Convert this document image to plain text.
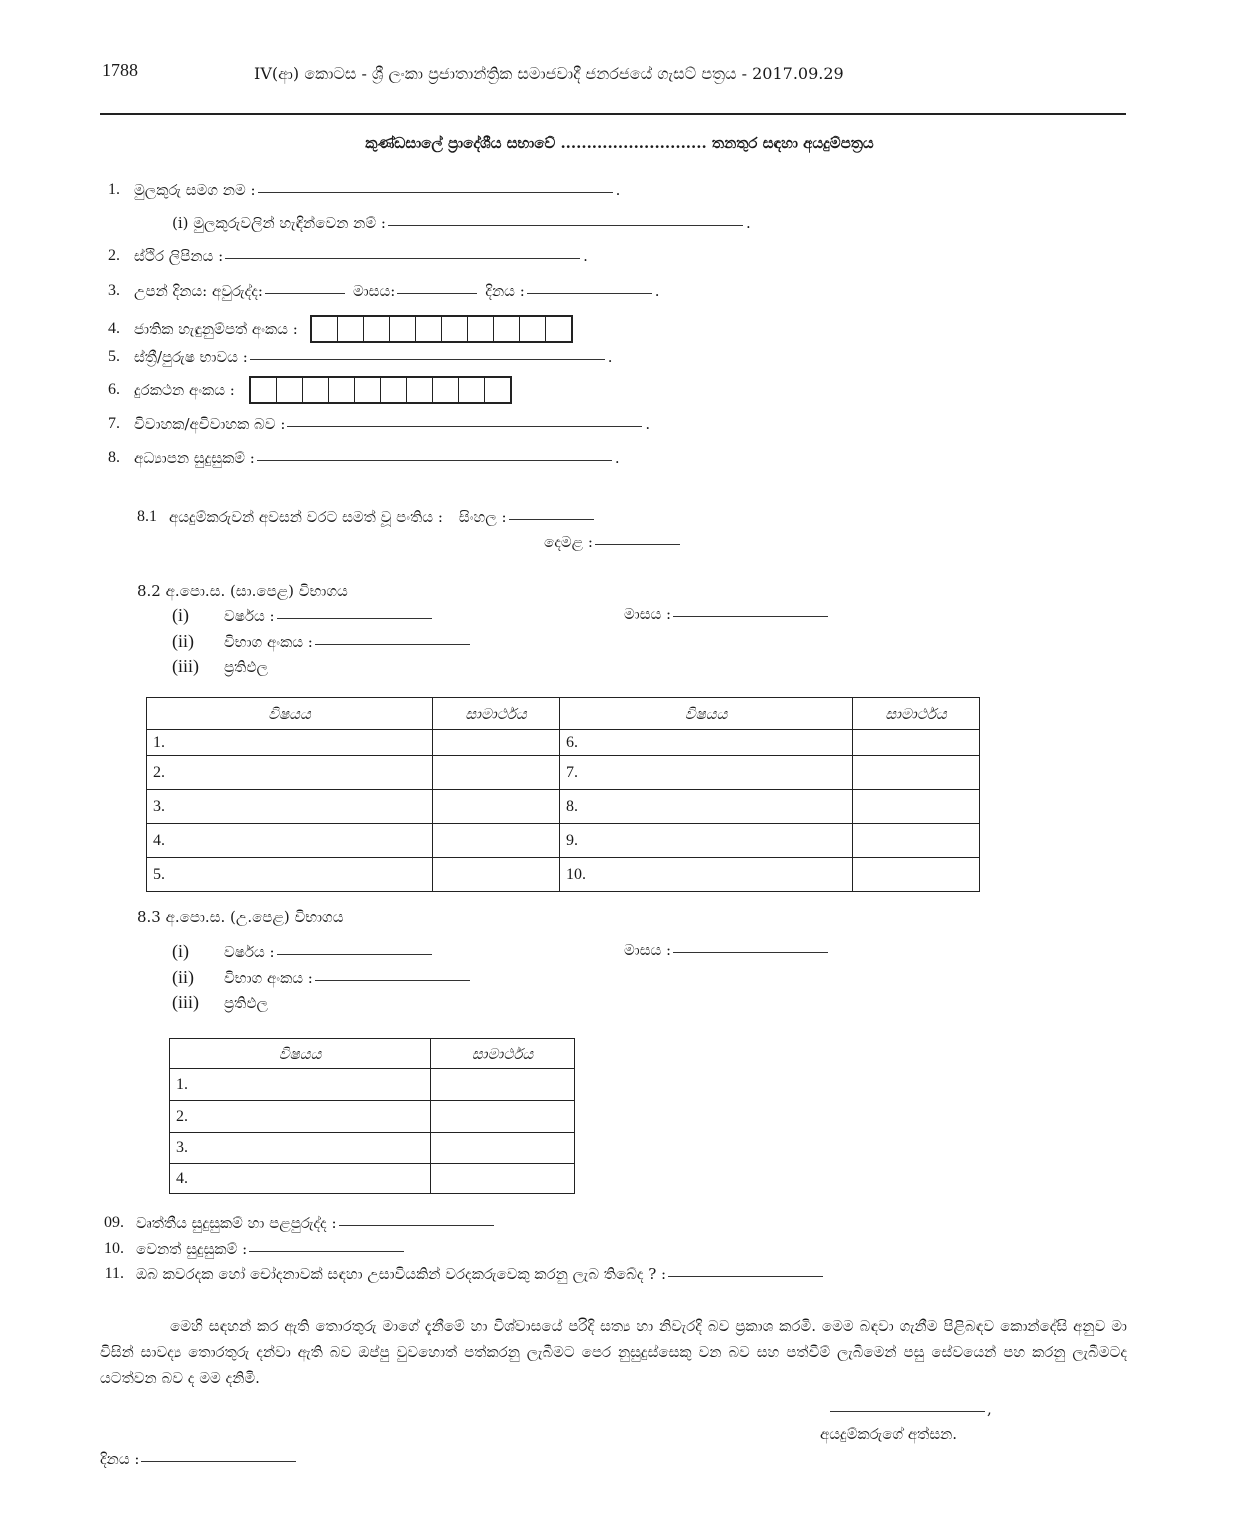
1788	IV(ආ) කොටස - ශ්‍රී ලංකා ප්‍රජාතාන්ත්‍රික සමාජවාදී ජනරජයේ ගැසට් පත්‍රය - 2017.09.29
කුණ්ඩසාලේ ප්‍රාදේශීය සභාවේ ............................ තනතුර සඳහා අයදුම්පත්‍රය
1. මුලකුරු සමග නම :	.
(i) මුලකුරුවලින් හැඳින්වෙන නම් :	.
2. ස්ථිර ලිපිනය :	.
3. උපන් දිනය: අවුරුද්ද:	මාසය:	දිනය :	.
4. ජාතික හැඳුනුම්පත් අංකය :
5. ස්ත්‍රී/පුරුෂ භාවය :	.
6. දුරකථන අංකය :
7. විවාහක/අවිවාහක බව :	.
8. අධ්‍යාපන සුදුසුකම් :	.
8.1 අයදුම්කරුවන් අවසන් වරට සමත් වූ පංතිය : සිංහල :
දෙමළ :
8.2 අ.පො.ස. (සා.පෙළ) විභාගය
(i)	වර්ෂය :	මාසය :
(ii)	විභාග අංකය :
(iii)	ප්‍රතිඵල
විෂයය	සාමාර්ථය	විෂයය	සාමාර්ථය
1.		6.	
2.		7.	
3.		8.	
4.		9.	
5.		10.	
8.3 අ.පො.ස. (උ.පෙළ) විභාගය
(i)	වර්ෂය :	මාසය :
(ii)	විභාග අංකය :
(iii)	ප්‍රතිඵල
විෂයය	සාමාර්ථය
1.	
2.	
3.	
4.	
09. වෘත්තීය සුදුසුකම් හා පළපුරුද්ද :
10. වෙනත් සුදුසුකම් :
11. ඔබ කවරදක හෝ චෝදනාවක් සඳහා උසාවියකින් වරදකරුවෙකු කරනු ලැබ තිබේද ? :
මෙහි සඳහන් කර ඇති තොරතුරු මාගේ දැනීමේ හා විශ්වාසයේ පරිදි සත්‍ය හා නිවැරදි බව ප්‍රකාශ කරමි. මෙම බඳවා ගැනීම පිළිබඳව කොන්දේසි අනුව මා විසින් සාවද්‍ය තොරතුරු දන්වා ඇති බව ඔප්පු වුවහොත් පත්කරනු ලැබීමට පෙර නුසුදුස්සෙකු වන බව සහ පත්වීම් ලැබීමෙන් පසු සේවයෙන් පහ කරනු ලැබීමටද යටත්වන බව ද මම දනිමි.
,
අයදුම්කරුගේ අත්සන.
දිනය :
